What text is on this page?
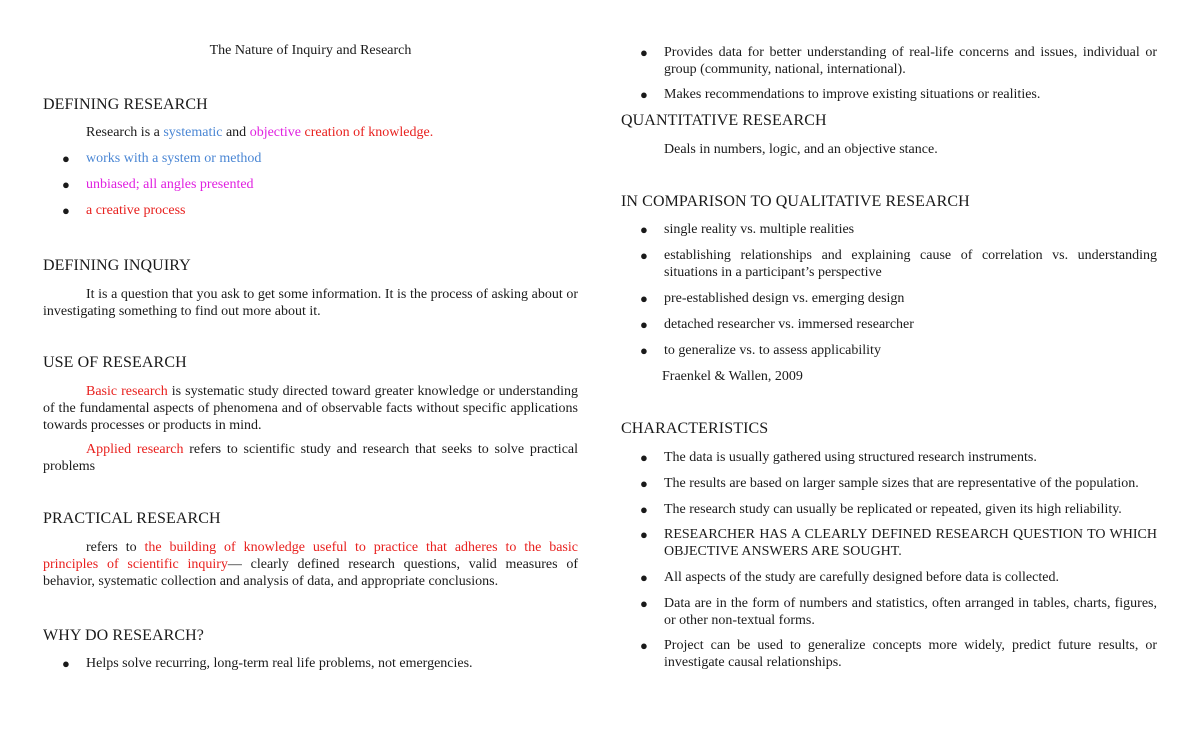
The Nature of Inquiry and Research
DEFINING RESEARCH
Research is a systematic and objective creation of knowledge.
● works with a system or method
● unbiased; all angles presented
● a creative process
DEFINING INQUIRY
It is a question that you ask to get some information. It is the process of asking about or investigating something to find out more about it.
USE OF RESEARCH
Basic research is systematic study directed toward greater knowledge or understanding of the fundamental aspects of phenomena and of observable facts without specific applications towards processes or products in mind.
Applied research refers to scientific study and research that seeks to solve practical problems
PRACTICAL RESEARCH
refers to the building of knowledge useful to practice that adheres to the basic principles of scientific inquiry— clearly defined research questions, valid measures of behavior, systematic collection and analysis of data, and appropriate conclusions.
WHY DO RESEARCH?
● Helps solve recurring, long-term real life problems, not emergencies.
● Provides data for better understanding of real-life concerns and issues, individual or group (community, national, international).
● Makes recommendations to improve existing situations or realities.
QUANTITATIVE RESEARCH
Deals in numbers, logic, and an objective stance.
IN COMPARISON TO QUALITATIVE RESEARCH
● single reality vs. multiple realities
● establishing relationships and explaining cause of correlation vs. understanding situations in a participant’s perspective
● pre-established design vs. emerging design
● detached researcher vs. immersed researcher
● to generalize vs. to assess applicability
Fraenkel & Wallen, 2009
CHARACTERISTICS
● The data is usually gathered using structured research instruments.
● The results are based on larger sample sizes that are representative of the population.
● The research study can usually be replicated or repeated, given its high reliability.
● RESEARCHER HAS A CLEARLY DEFINED RESEARCH QUESTION TO WHICH OBJECTIVE ANSWERS ARE SOUGHT.
● All aspects of the study are carefully designed before data is collected.
● Data are in the form of numbers and statistics, often arranged in tables, charts, figures, or other non-textual forms.
● Project can be used to generalize concepts more widely, predict future results, or investigate causal relationships.
